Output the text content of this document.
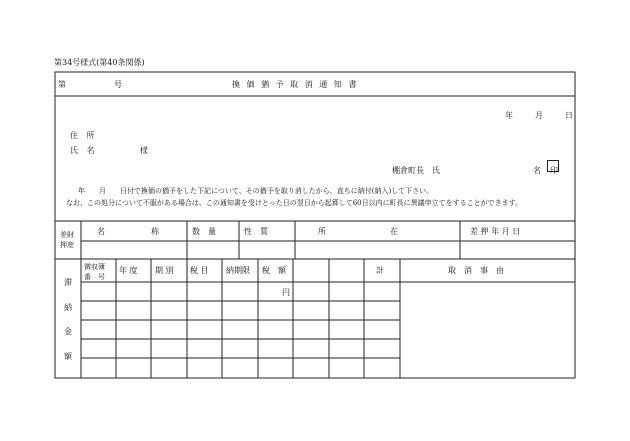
第34号様式(第40条関係)
第　　　号	換 価 猶 予 取 消 通 知 書
年　　月　　日
住 所
氏 名	様
棚倉町長　氏	名 印
年　　月　　日付で換価の猶予をした下記について、その猶予を取り消したから、直ちに納付(納入)して下さい。
なお、この処分について不服がある場合は、この通知書を受けとった日の翌日から起算して60日以内に町長に異議申立てをすることができます。
差財
押産
名　　　　　称	数　量	性　質	所　　　　　　　　在	差 押 年 月 日
徴収簿
番　号
年 度 期 別 税 目 納期限 税　額	計	取　消　事　由
円
滞
納
金
額
